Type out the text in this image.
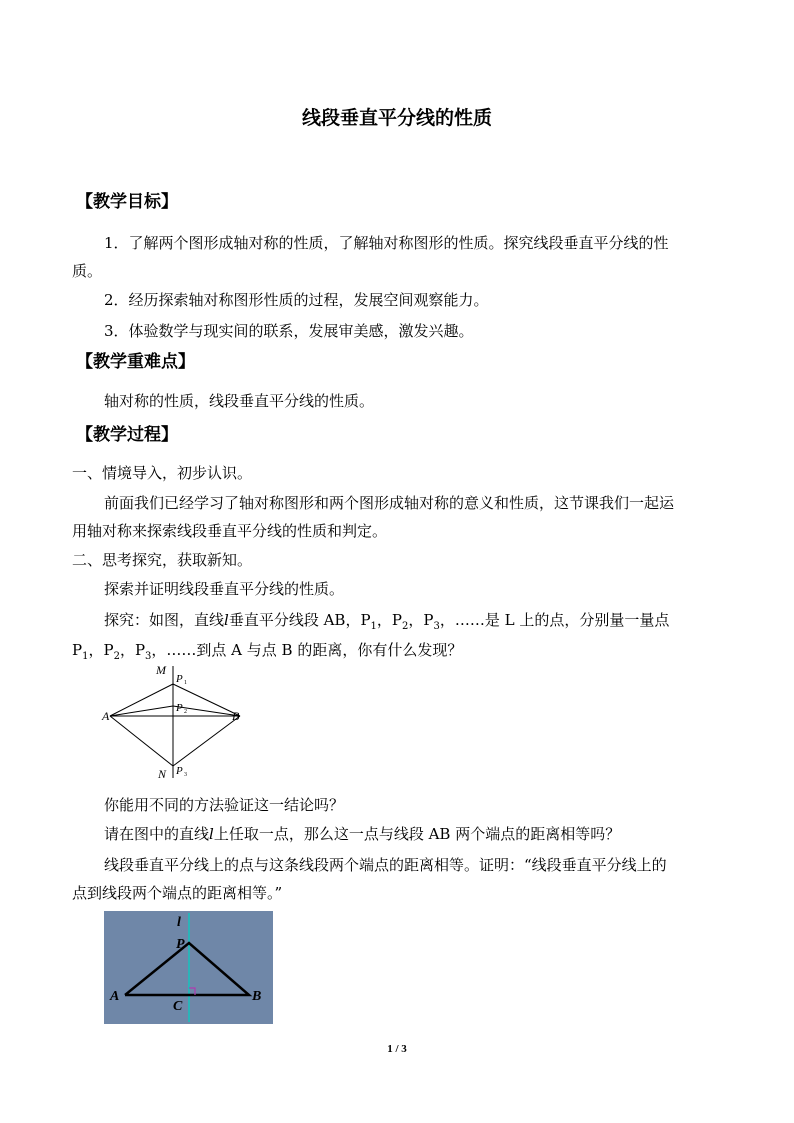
线段垂直平分线的性质
【教学目标】
1．了解两个图形成轴对称的性质，了解轴对称图形的性质。探究线段垂直平分线的性
质。
2．经历探索轴对称图形性质的过程，发展空间观察能力。
3．体验数学与现实间的联系，发展审美感，激发兴趣。
【教学重难点】
轴对称的性质，线段垂直平分线的性质。
【教学过程】
一、情境导入，初步认识。
前面我们已经学习了轴对称图形和两个图形成轴对称的意义和性质，这节课我们一起运
用轴对称来探索线段垂直平分线的性质和判定。
二、思考探究，获取新知。
探索并证明线段垂直平分线的性质。
探究：如图，直线l垂直平分线段 AB，$P_1$，$P_2$，$P_3$，……是 L 上的点，分别量一量点
$P_1$，$P_2$，$P_3$，……到点 A 与点 B 的距离，你有什么发现？
M
N
A	B
P 1
P 2
P 3
你能用不同的方法验证这一结论吗？
请在图中的直线l上任取一点，那么这一点与线段 AB 两个端点的距离相等吗？
线段垂直平分线上的点与这条线段两个端点的距离相等。证明：“线段垂直平分线上的
点到线段两个端点的距离相等。”
l
P
A	B
C
1 / 3
